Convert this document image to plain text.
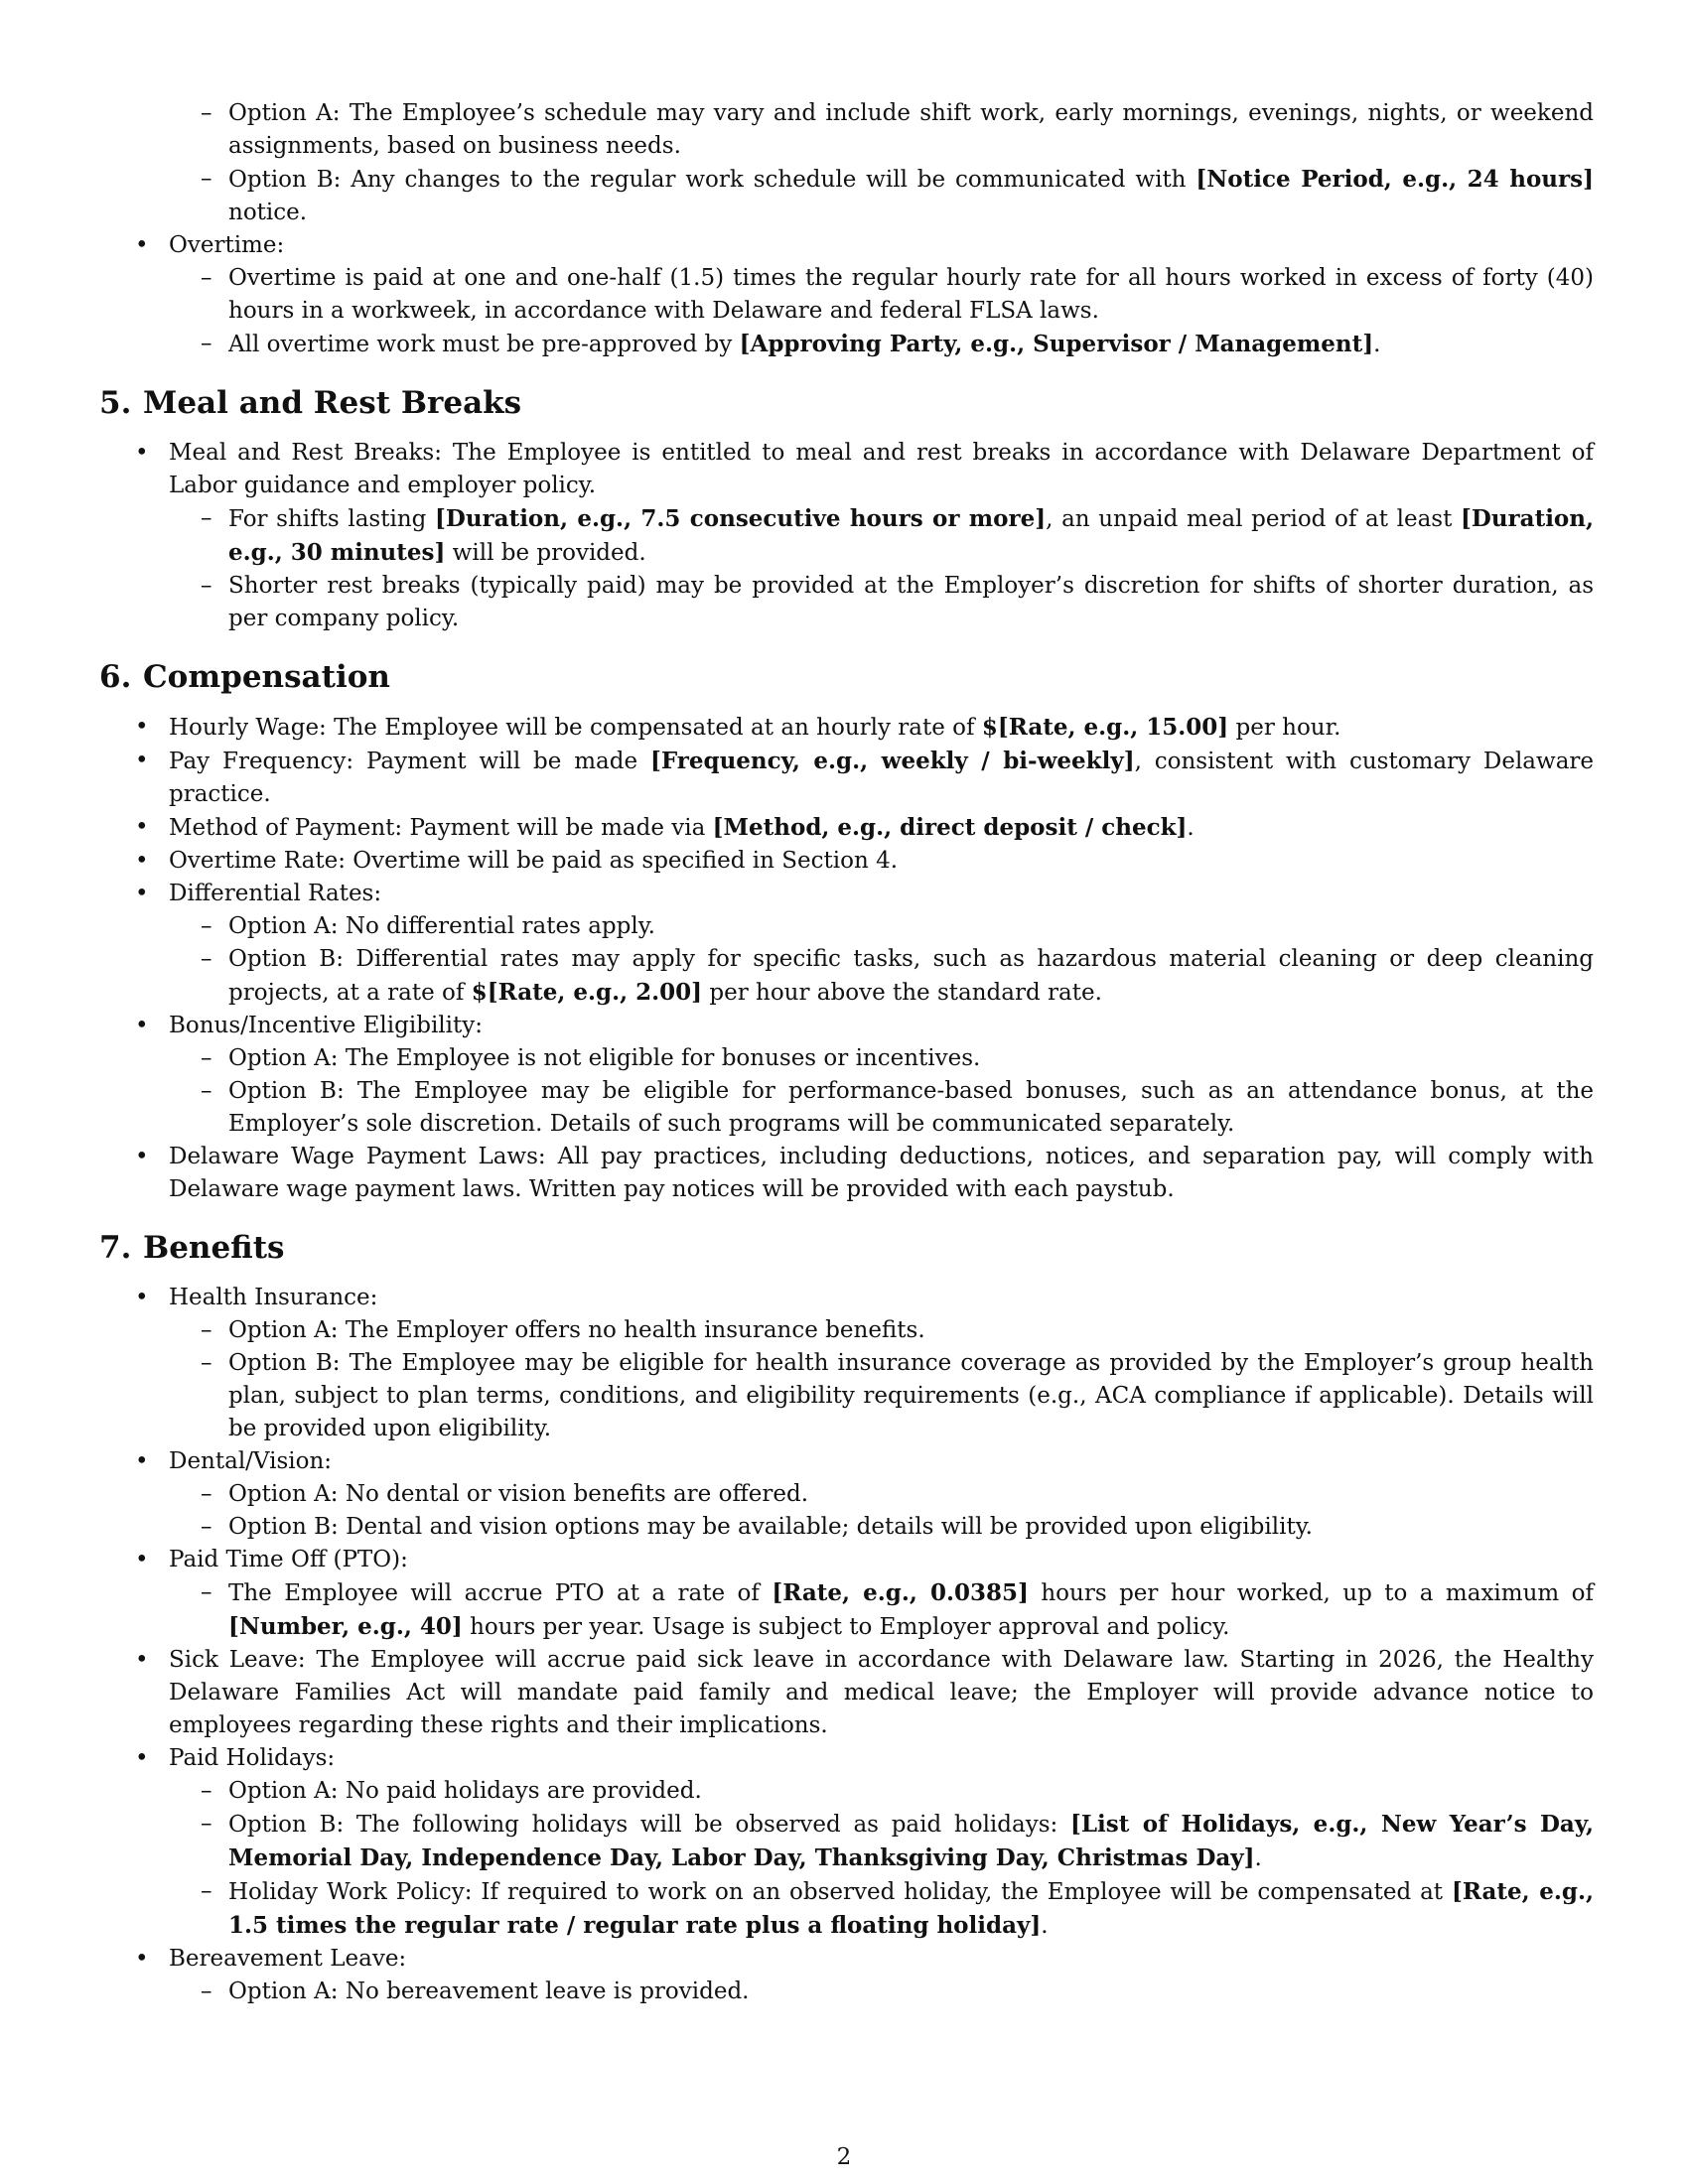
– Option A: The Employee’s schedule may vary and include shift work, early mornings, evenings, nights, or weekend assignments, based on business needs.
– Option B: Any changes to the regular work schedule will be communicated with [Notice Period, e.g., 24 hours] notice.
• Overtime:
– Overtime is paid at one and one-half (1.5) times the regular hourly rate for all hours worked in excess of forty (40) hours in a workweek, in accordance with Delaware and federal FLSA laws.
– All overtime work must be pre-approved by [Approving Party, e.g., Supervisor / Management].
5. Meal and Rest Breaks
• Meal and Rest Breaks: The Employee is entitled to meal and rest breaks in accordance with Delaware Department of Labor guidance and employer policy.
– For shifts lasting [Duration, e.g., 7.5 consecutive hours or more], an unpaid meal period of at least [Duration, e.g., 30 minutes] will be provided.
– Shorter rest breaks (typically paid) may be provided at the Employer’s discretion for shifts of shorter duration, as per company policy.
6. Compensation
• Hourly Wage: The Employee will be compensated at an hourly rate of $[Rate, e.g., 15.00] per hour.
• Pay Frequency: Payment will be made [Frequency, e.g., weekly / bi-weekly], consistent with customary Delaware practice.
• Method of Payment: Payment will be made via [Method, e.g., direct deposit / check].
• Overtime Rate: Overtime will be paid as specified in Section 4.
• Differential Rates:
– Option A: No differential rates apply.
– Option B: Differential rates may apply for specific tasks, such as hazardous material cleaning or deep cleaning projects, at a rate of $[Rate, e.g., 2.00] per hour above the standard rate.
• Bonus/Incentive Eligibility:
– Option A: The Employee is not eligible for bonuses or incentives.
– Option B: The Employee may be eligible for performance-based bonuses, such as an attendance bonus, at the Employer’s sole discretion. Details of such programs will be communicated separately.
• Delaware Wage Payment Laws: All pay practices, including deductions, notices, and separation pay, will comply with Delaware wage payment laws. Written pay notices will be provided with each paystub.
7. Benefits
• Health Insurance:
– Option A: The Employer offers no health insurance benefits.
– Option B: The Employee may be eligible for health insurance coverage as provided by the Employer’s group health plan, subject to plan terms, conditions, and eligibility requirements (e.g., ACA compliance if applicable). Details will be provided upon eligibility.
• Dental/Vision:
– Option A: No dental or vision benefits are offered.
– Option B: Dental and vision options may be available; details will be provided upon eligibility.
• Paid Time Off (PTO):
– The Employee will accrue PTO at a rate of [Rate, e.g., 0.0385] hours per hour worked, up to a maximum of [Number, e.g., 40] hours per year. Usage is subject to Employer approval and policy.
• Sick Leave: The Employee will accrue paid sick leave in accordance with Delaware law. Starting in 2026, the Healthy Delaware Families Act will mandate paid family and medical leave; the Employer will provide advance notice to employees regarding these rights and their implications.
• Paid Holidays:
– Option A: No paid holidays are provided.
– Option B: The following holidays will be observed as paid holidays: [List of Holidays, e.g., New Year’s Day, Memorial Day, Independence Day, Labor Day, Thanksgiving Day, Christmas Day].
– Holiday Work Policy: If required to work on an observed holiday, the Employee will be compensated at [Rate, e.g., 1.5 times the regular rate / regular rate plus a floating holiday].
• Bereavement Leave:
– Option A: No bereavement leave is provided.
2
